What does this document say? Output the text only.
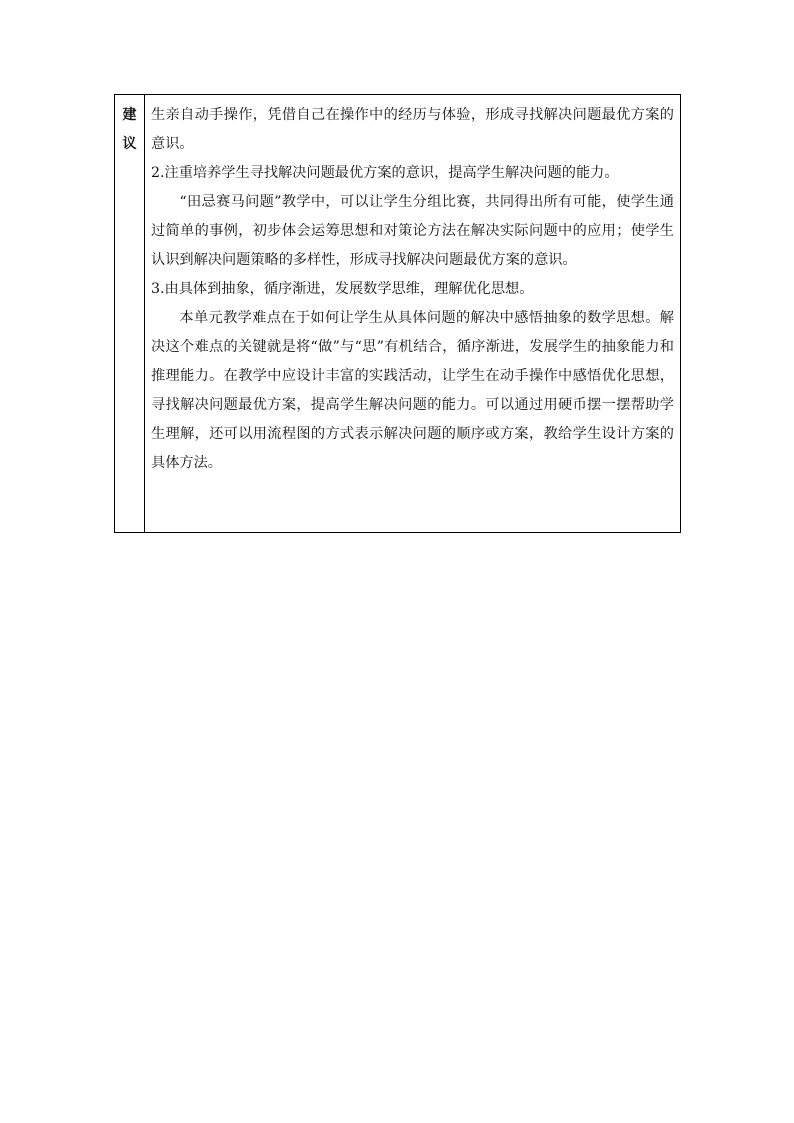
建
议

生亲自动手操作，凭借自己在操作中的经历与体验，形成寻找解决问题最优方案的意识。

2.注重培养学生寻找解决问题最优方案的意识，提高学生解决问题的能力。

“田忌赛马问题”教学中，可以让学生分组比赛，共同得出所有可能，使学生通过简单的事例，初步体会运筹思想和对策论方法在解决实际问题中的应用；使学生认识到解决问题策略的多样性，形成寻找解决问题最优方案的意识。

3.由具体到抽象，循序渐进，发展数学思维，理解优化思想。

本单元教学难点在于如何让学生从具体问题的解决中感悟抽象的数学思想。解决这个难点的关键就是将“做”与“思”有机结合，循序渐进，发展学生的抽象能力和推理能力。在教学中应设计丰富的实践活动，让学生在动手操作中感悟优化思想，寻找解决问题最优方案，提高学生解决问题的能力。可以通过用硬币摆一摆帮助学生理解，还可以用流程图的方式表示解决问题的顺序或方案，教给学生设计方案的具体方法。
